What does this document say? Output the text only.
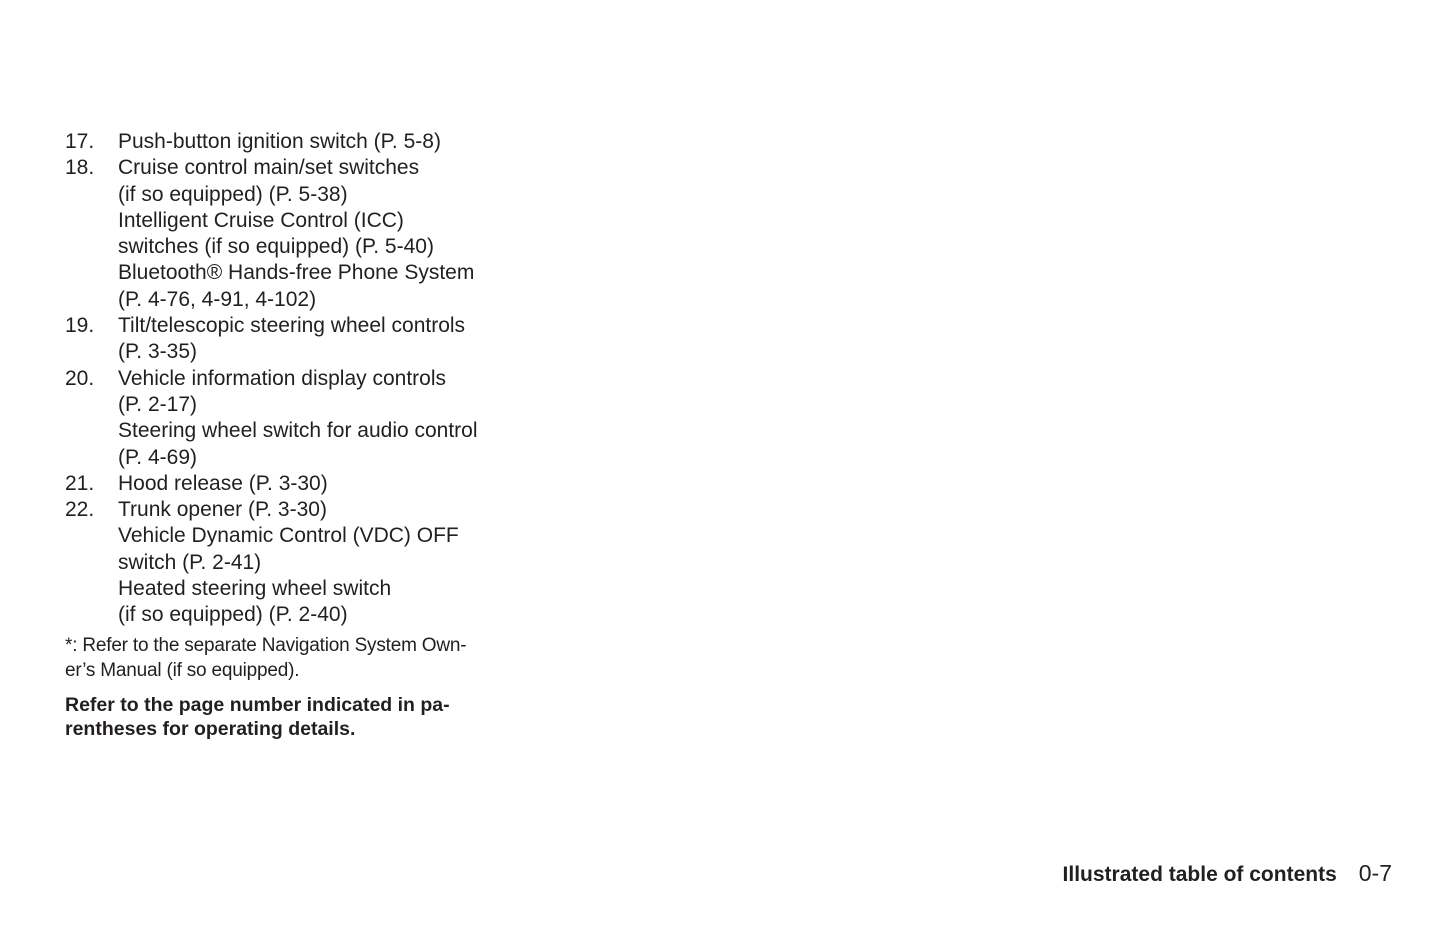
17.	Push-button ignition switch (P. 5-8)
18.	Cruise control main/set switches
(if so equipped) (P. 5-38)
Intelligent Cruise Control (ICC)
switches (if so equipped) (P. 5-40)
Bluetooth® Hands-free Phone System
(P. 4-76, 4-91, 4-102)
19.	Tilt/telescopic steering wheel controls
(P. 3-35)
20.	Vehicle information display controls
(P. 2-17)
Steering wheel switch for audio control
(P. 4-69)
21.	Hood release (P. 3-30)
22.	Trunk opener (P. 3-30)
Vehicle Dynamic Control (VDC) OFF
switch (P. 2-41)
Heated steering wheel switch
(if so equipped) (P. 2-40)
*: Refer to the separate Navigation System Own-
er’s Manual (if so equipped).
Refer to the page number indicated in pa-
rentheses for operating details.
Illustrated table of contents 0-7
